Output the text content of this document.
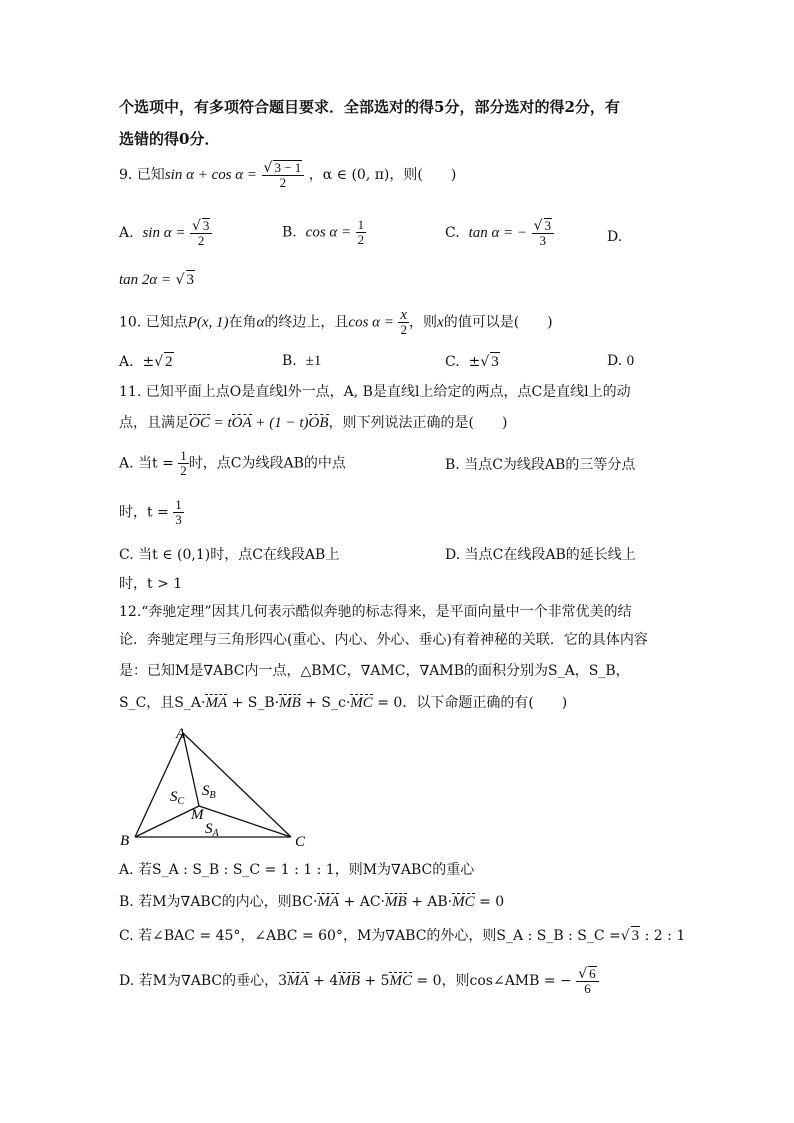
个选项中，有多项符合题目要求．全部选对的得5分，部分选对的得2分，有
选错的得0分．
9. 已知$\sin \alpha + \cos \alpha = \frac{√ 3 - 1}{2}$ ，α ∈ (0, π)，则(　　)
A. $\sin \alpha = \frac{√ 3}{2}$	B. $\cos \alpha = \frac{1}{2}$	C. tan α = − $\frac{√ 3}{3}$	D.
tan 2α = √ 3
10. 已知点P(x, 1)在角α的终边上，且$\cos \alpha = \frac{x}{2}$ ，则x的值可以是(　　)
A. ±√ 2	B. ±1	C. ±√ 3	D. 0
11. 已知平面上点O是直线l外一点，A, B是直线l上给定的两点，点C是直线l上的动
点，且满足OC = tOA + (1 − t)OB，则下列说法正确的是(　　)
A. 当$t = \frac{1}{2}$ 时，点C为线段AB的中点	B. 当点C为线段AB的三等分点
时，$t = \frac{1}{3}$
C. 当t ∈ (0,1)时，点C在线段AB上	D. 当点C在线段AB的延长线上
时，t > 1
12.“奔驰定理”因其几何表示酷似奔驰的标志得来，是平面向量中一个非常优美的结
论．奔驰定理与三角形四心(重心、内心、外心、垂心)有着神秘的关联．它的具体内容
是：已知M是∇ABC内一点，△BMC，∇AMC，∇AMB的面积分别为S_A，S_B，
S_C，且S_A·MA + S_B·MB + S_c·MC = 0．以下命题正确的有(　　)
A
B	C
M
$S_C$
$S_B$
$S_A$
A. 若S_A : S_B : S_C = 1 : 1 : 1，则M为∇ABC的重心
B. 若M为∇ABC的内心，则BC·MA + AC·MB + AB·MC = 0
C. 若∠BAC = 45°，∠ABC = 60°，M为∇ABC的外心，则S_A : S_B : S_C =√ 3 : 2 : 1
D. 若M为∇ABC的垂心，3MA + 4MB + 5MC = 0，则cos∠AMB = − $\frac{√ 6}{6}$
